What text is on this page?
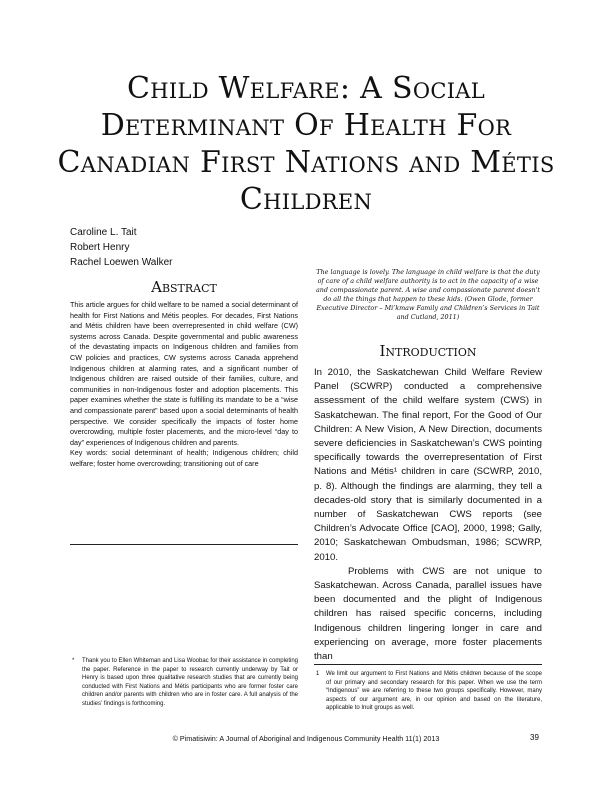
Child Welfare: A Social
Determinant Of Health For
Canadian First Nations and Métis
Children
Caroline L. Tait
Robert Henry
Rachel Loewen Walker
Abstract

This article argues for child welfare to be named a social determinant of health for First Nations and Métis peoples. For decades, First Nations and Métis children have been overrepresented in child welfare (CW) systems across Canada. Despite governmental and public awareness of the devastating impacts on Indigenous children and families from CW policies and practices, CW systems across Canada apprehend Indigenous children at alarming rates, and a significant number of Indigenous children are raised outside of their families, culture, and communities in non-Indigenous foster and adoption placements. This paper examines whether the state is fulfilling its mandate to be a “wise and compassionate parent” based upon a social determinants of health perspective. We consider specifically the impacts of foster home overcrowding, multiple foster placements, and the micro-level “day to day” experiences of Indigenous children and parents.

Key words: social determinant of health; Indigenous children; child welfare; foster home overcrowding; transitioning out of care

The language is lovely. The language in child welfare is that the duty of care of a child welfare authority is to act in the capacity of a wise and compassionate parent. A wise and compassionate parent doesn't do all the things that happen to these kids. (Owen Glode, former Executive Director – Mi’kmaw Family and Children’s Services in Tait and Cutland, 2011)

Introduction

In 2010, the Saskatchewan Child Welfare Review Panel (SCWRP) conducted a comprehensive assessment of the child welfare system (CWS) in Saskatchewan. The final report, For the Good of Our Children: A New Vision, A New Direction, documents severe deficiencies in Saskatchewan’s CWS pointing specifically towards the overrepresentation of First Nations and Métis¹ children in care (SCWRP, 2010, p. 8). Although the findings are alarming, they tell a decades-old story that is similarly documented in a number of Saskatchewan CWS reports (see Children’s Advocate Office [CAO], 2000, 1998; Gally, 2010; Saskatchewan Ombudsman, 1986; SCWRP, 2010.

Problems with CWS are not unique to Saskatchewan. Across Canada, parallel issues have been documented and the plight of Indigenous children has raised specific concerns, including Indigenous children lingering longer in care and experiencing on average, more foster placements than

* Thank you to Ellen Whiteman and Lisa Woobac for their assistance in completing the paper. Reference in the paper to research currently underway by Tait or Henry is based upon three qualitative research studies that are currently being conducted with First Nations and Métis participants who are former foster care children and/or parents with children who are in foster care. A full analysis of the studies’ findings is forthcoming.
1 We limit our argument to First Nations and Métis children because of the scope of our primary and secondary research for this paper. When we use the term “Indigenous” we are referring to these two groups specifically. However, many aspects of our argument are, in our opinion and based on the literature, applicable to Inuit groups as well.
© Pimatisiwin: A Journal of Aboriginal and Indigenous Community Health 11(1) 2013	39
